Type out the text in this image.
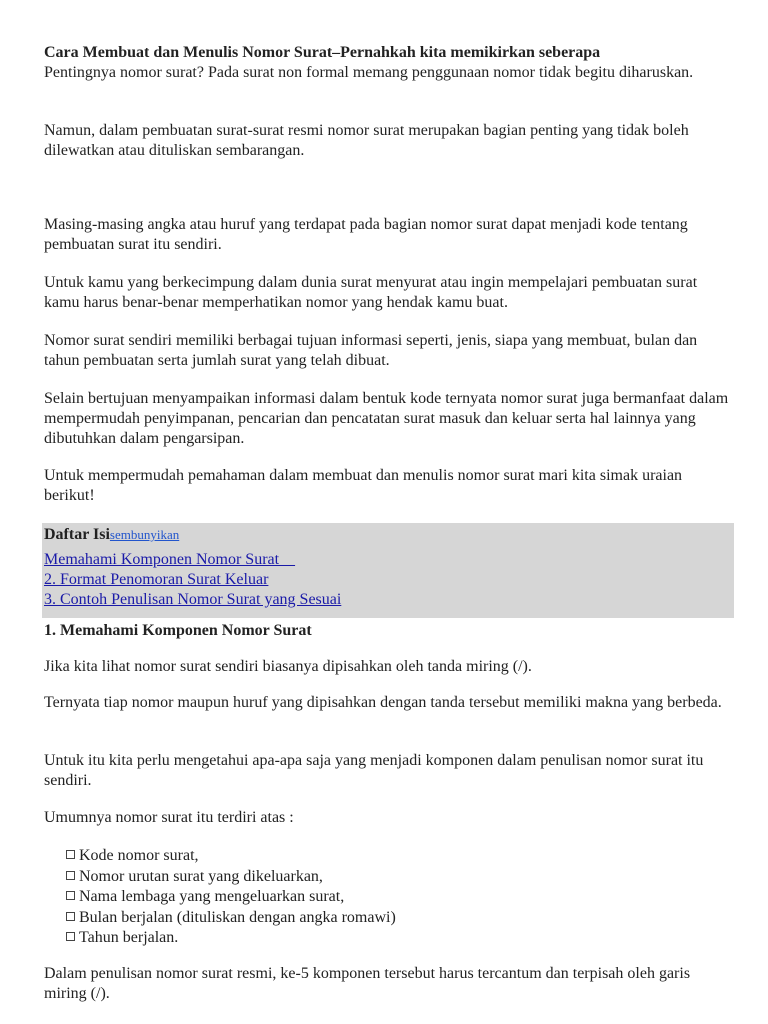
Cara Membuat dan Menulis Nomor Surat–Pernahkah kita memikirkan seberapa
Pentingnya nomor surat? Pada surat non formal memang penggunaan nomor tidak begitu diharuskan.

Namun, dalam pembuatan surat-surat resmi nomor surat merupakan bagian penting yang tidak boleh dilewatkan atau dituliskan sembarangan.

Masing-masing angka atau huruf yang terdapat pada bagian nomor surat dapat menjadi kode tentang pembuatan surat itu sendiri.

Untuk kamu yang berkecimpung dalam dunia surat menyurat atau ingin mempelajari pembuatan surat kamu harus benar-benar memperhatikan nomor yang hendak kamu buat.

Nomor surat sendiri memiliki berbagai tujuan informasi seperti, jenis, siapa yang membuat, bulan dan tahun pembuatan serta jumlah surat yang telah dibuat.

Selain bertujuan menyampaikan informasi dalam bentuk kode ternyata nomor surat juga bermanfaat dalam mempermudah penyimpanan, pencarian dan pencatatan surat masuk dan keluar serta hal lainnya yang dibutuhkan dalam pengarsipan.

Untuk mempermudah pemahaman dalam membuat dan menulis nomor surat mari kita simak uraian berikut!

Daftar Isisembunyikan
Memahami Komponen Nomor Surat
2. Format Penomoran Surat Keluar
3. Contoh Penulisan Nomor Surat yang Sesuai

1. Memahami Komponen Nomor Surat

Jika kita lihat nomor surat sendiri biasanya dipisahkan oleh tanda miring (/).

Ternyata tiap nomor maupun huruf yang dipisahkan dengan tanda tersebut memiliki makna yang berbeda.

Untuk itu kita perlu mengetahui apa-apa saja yang menjadi komponen dalam penulisan nomor surat itu sendiri.

Umumnya nomor surat itu terdiri atas :

Kode nomor surat,
Nomor urutan surat yang dikeluarkan,
Nama lembaga yang mengeluarkan surat,
Bulan berjalan (dituliskan dengan angka romawi)
Tahun berjalan.

Dalam penulisan nomor surat resmi, ke-5 komponen tersebut harus tercantum dan terpisah oleh garis miring (/).
